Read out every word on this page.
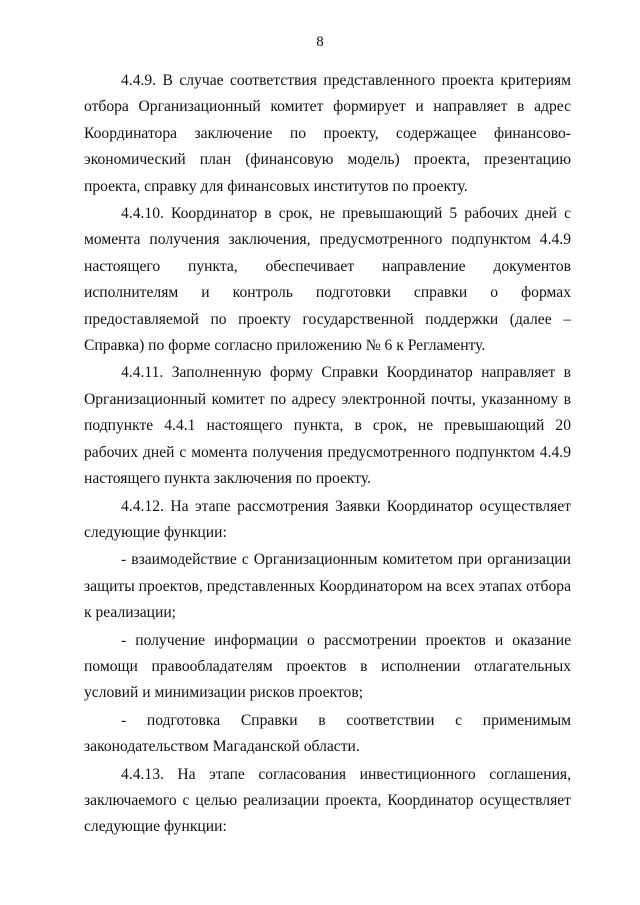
8

4.4.9. В случае соответствия представленного проекта критериям отбора Организационный комитет формирует и направляет в адрес Координатора заключение по проекту, содержащее финансово-экономический план (финансовую модель) проекта, презентацию проекта, справку для финансовых институтов по проекту.

4.4.10. Координатор в срок, не превышающий 5 рабочих дней с момента получения заключения, предусмотренного подпунктом 4.4.9 настоящего пункта, обеспечивает направление документов исполнителям и контроль подготовки справки о формах предоставляемой по проекту государственной поддержки (далее – Справка) по форме согласно приложению № 6 к Регламенту.

4.4.11. Заполненную форму Справки Координатор направляет в Организационный комитет по адресу электронной почты, указанному в подпункте 4.4.1 настоящего пункта, в срок, не превышающий 20 рабочих дней с момента получения предусмотренного подпунктом 4.4.9 настоящего пункта заключения по проекту.

4.4.12. На этапе рассмотрения Заявки Координатор осуществляет следующие функции:

- взаимодействие с Организационным комитетом при организации защиты проектов, представленных Координатором на всех этапах отбора к реализации;

- получение информации о рассмотрении проектов и оказание помощи правообладателям проектов в исполнении отлагательных условий и минимизации рисков проектов;

- подготовка Справки в соответствии с применимым законодательством Магаданской области.

4.4.13. На этапе согласования инвестиционного соглашения, заключаемого с целью реализации проекта, Координатор осуществляет следующие функции:
